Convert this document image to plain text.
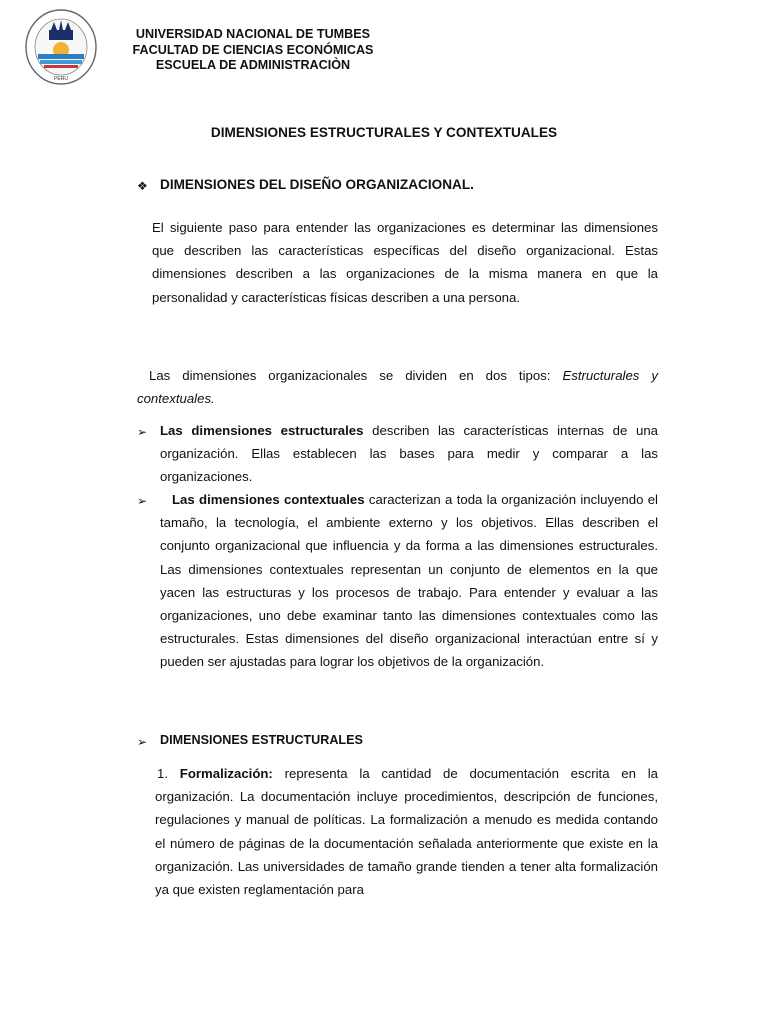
PERU
UNIVERSIDAD NACIONAL DE TUMBES
FACULTAD DE CIENCIAS ECONÓMICAS
ESCUELA DE ADMINISTRACIÒN
DIMENSIONES ESTRUCTURALES Y CONTEXTUALES
❖ DIMENSIONES DEL DISEÑO ORGANIZACIONAL.
El siguiente paso para entender las organizaciones es determinar las dimensiones que describen las características específicas del diseño organizacional. Estas dimensiones describen a las organizaciones de la misma manera en que la personalidad y características físicas describen a una persona.
Las dimensiones organizacionales se dividen en dos tipos: Estructurales y contextuales.
➢ Las dimensiones estructurales describen las características internas de una organización. Ellas establecen las bases para medir y comparar a las organizaciones.
➢	Las dimensiones contextuales caracterizan a toda la organización incluyendo el tamaño, la tecnología, el ambiente externo y los objetivos. Ellas describen el conjunto organizacional que influencia y da forma a las dimensiones estructurales. Las dimensiones contextuales representan un conjunto de elementos en la que yacen las estructuras y los procesos de trabajo. Para entender y evaluar a las organizaciones, uno debe examinar tanto las dimensiones contextuales como las estructurales. Estas dimensiones del diseño organizacional interactúan entre sí y pueden ser ajustadas para lograr los objetivos de la organización.
➢ DIMENSIONES ESTRUCTURALES
1. Formalización: representa la cantidad de documentación escrita en la organización. La documentación incluye procedimientos, descripción de funciones, regulaciones y manual de políticas. La formalización a menudo es medida contando el número de páginas de la documentación señalada anteriormente que existe en la organización. Las universidades de tamaño grande tienden a tener alta formalización ya que existen reglamentación para
